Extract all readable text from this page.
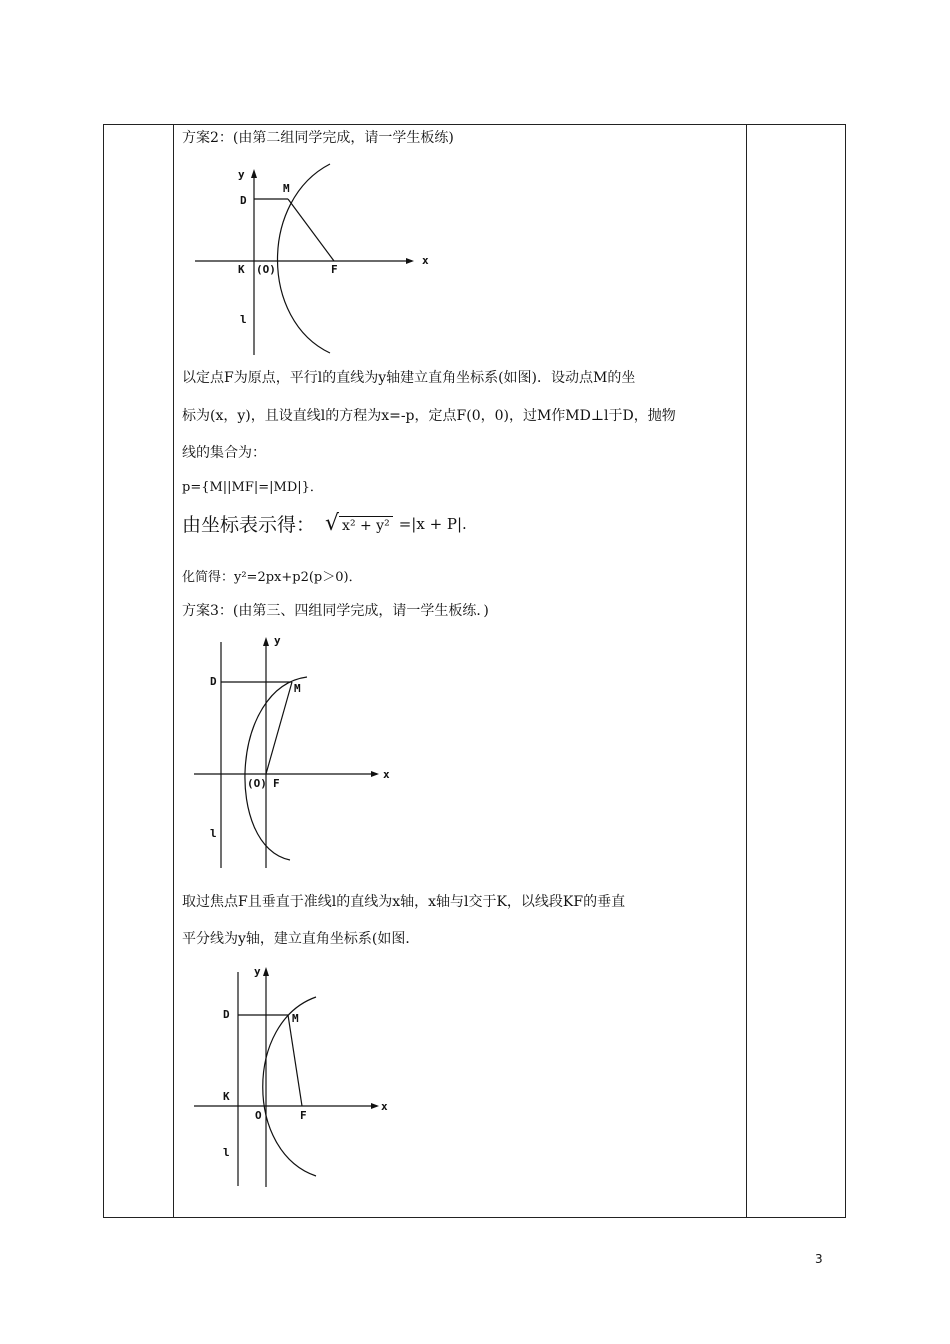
方案2：(由第二组同学完成，请一学生板练)
y
D
M
K (O)	F
x
l
以定点F为原点，平行l的直线为y轴建立直角坐标系(如图)．设动点M的坐
标为(x，y)，且设直线l的方程为x=-p，定点F(0，0)，过M作MD⊥l于D，抛物
线的集合为：
p={M||MF|=|MD|}．
由坐标表示得： √ x² + y² =|x + P|.
化简得：y²=2px+p2(p＞0)．
方案3：(由第三、四组同学完成，请一学生板练．)
y
D
M
(O) F
x
l
取过焦点F且垂直于准线l的直线为x轴，x轴与l交于K，以线段KF的垂直
平分线为y轴，建立直角坐标系(如图．
y
D	M
K
O	F
x
l
3
